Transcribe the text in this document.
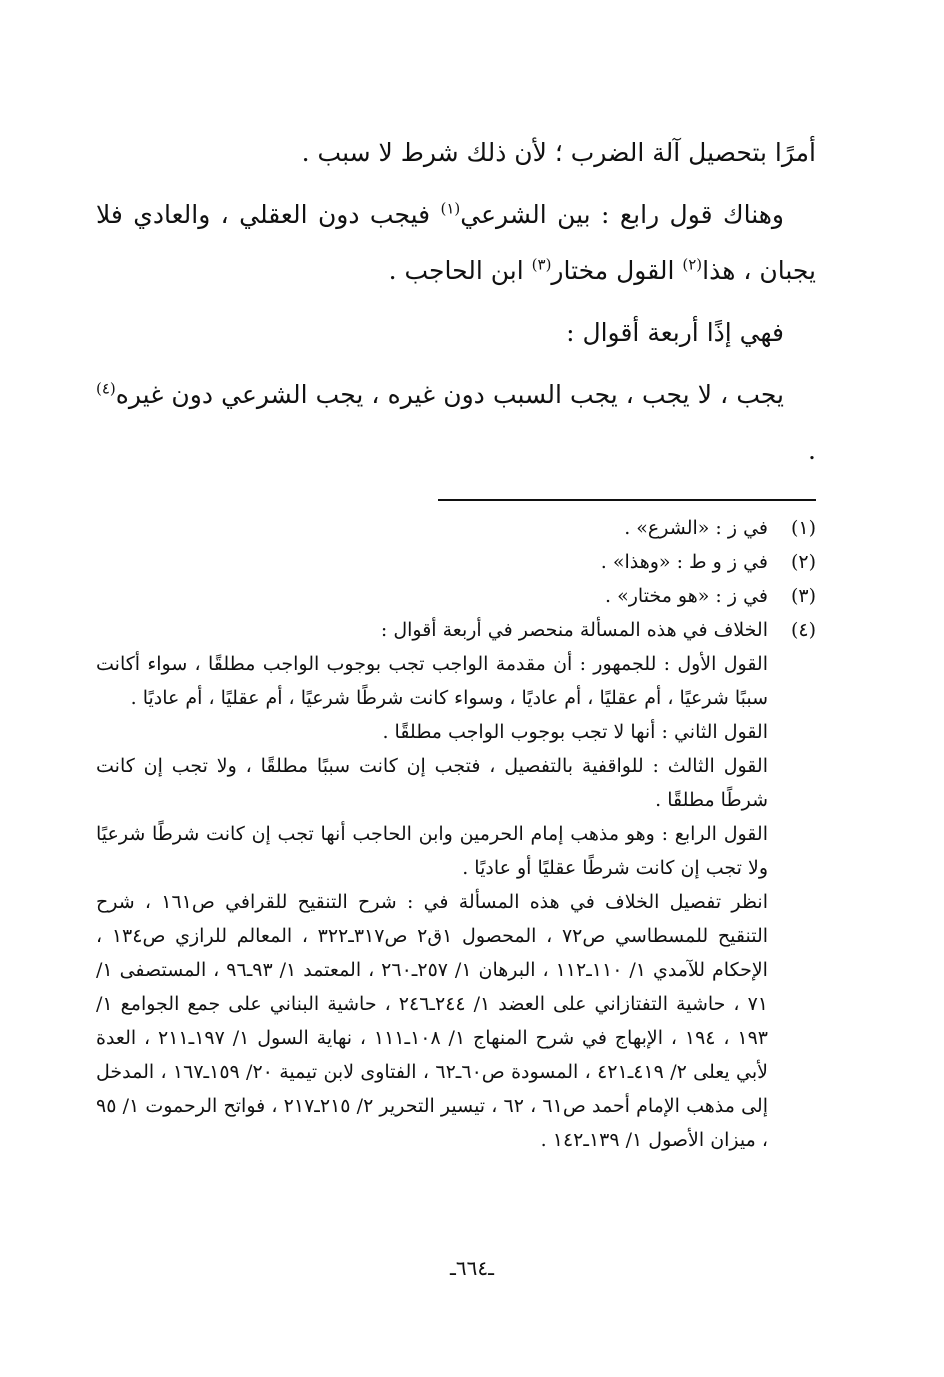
أمرًا بتحصيل آلة الضرب ؛ لأن ذلك شرط لا سبب .

وهناك قول رابع : بين الشرعي$^{(١)}$ فيجب دون العقلي ، والعادي فلا يجبان ، هذا$^{(٢)}$ القول مختار$^{(٣)}$ ابن الحاجب .

فهي إذًا أربعة أقوال :

يجب ، لا يجب ، يجب السبب دون غيره ، يجب الشرعي دون غيره$^{(٤)}$ .

(١)
في ز : «الشرع» .
(٢)
في ز و ط : «وهذا» .
(٣)
في ز : «هو مختار» .
(٤)
الخلاف في هذه المسألة منحصر في أربعة أقوال :

القول الأول : للجمهور : أن مقدمة الواجب تجب بوجوب الواجب مطلقًا ، سواء أكانت سببًا شرعيًا ، أم عقليًا ، أم عاديًا ، وسواء كانت شرطًا شرعيًا ، أم عقليًا ، أم عاديًا .

القول الثاني : أنها لا تجب بوجوب الواجب مطلقًا .

القول الثالث : للواقفية بالتفصيل ، فتجب إن كانت سببًا مطلقًا ، ولا تجب إن كانت شرطًا مطلقًا .

القول الرابع : وهو مذهب إمام الحرمين وابن الحاجب أنها تجب إن كانت شرطًا شرعيًا ولا تجب إن كانت شرطًا عقليًا أو عاديًا .

انظر تفصيل الخلاف في هذه المسألة في : شرح التنقيح للقرافي ص١٦١ ، شرح التنقيح للمسطاسي ص٧٢ ، المحصول ١ق٢ ص٣١٧ـ٣٢٢ ، المعالم للرازي ص١٣٤ ، الإحكام للآمدي ١/ ١١٠ـ١١٢ ، البرهان ١/ ٢٥٧ـ٢٦٠ ، المعتمد ١/ ٩٣ـ٩٦ ، المستصفى ١/ ٧١ ، حاشية التفتازاني على العضد ١/ ٢٤٤ـ٢٤٦ ، حاشية البناني على جمع الجوامع ١/ ١٩٣ ، ١٩٤ ، الإبهاج في شرح المنهاج ١/ ١٠٨ـ١١١ ، نهاية السول ١/ ١٩٧ـ٢١١ ، العدة لأبي يعلى ٢/ ٤١٩ـ٤٢١ ، المسودة ص٦٠ـ٦٢ ، الفتاوى لابن تيمية ٢٠/ ١٥٩ـ١٦٧ ، المدخل إلى مذهب الإمام أحمد ص٦١ ، ٦٢ ، تيسير التحرير ٢/ ٢١٥ـ٢١٧ ، فواتح الرحموت ١/ ٩٥ ، ميزان الأصول ١/ ١٣٩ـ١٤٢ .

ـ٦٦٤ـ
